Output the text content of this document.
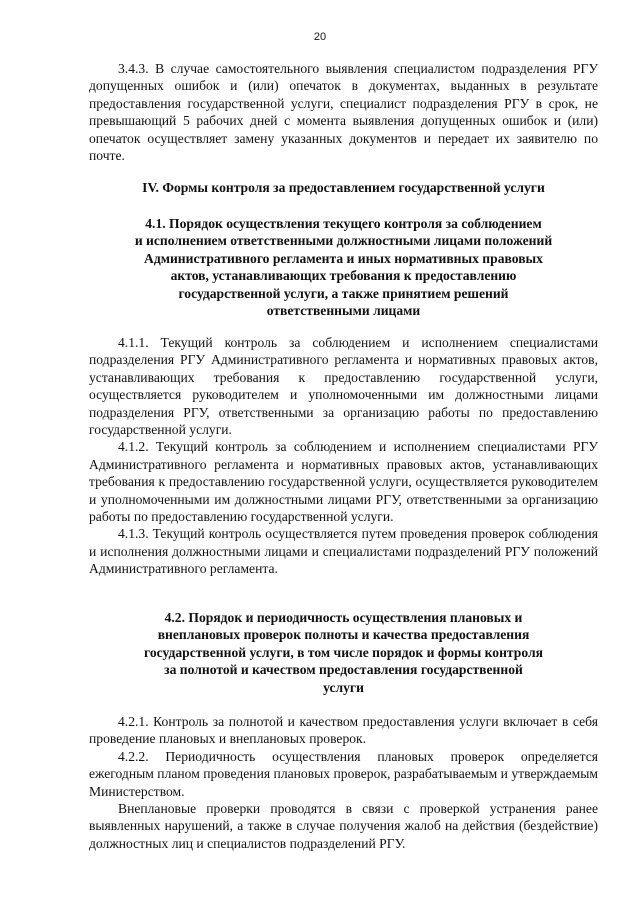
20

3.4.3. В случае самостоятельного выявления специалистом подразделения РГУ допущенных ошибок и (или) опечаток в документах, выданных в результате предоставления государственной услуги, специалист подразделения РГУ в срок, не превышающий 5 рабочих дней с момента выявления допущенных ошибок и (или) опечаток осуществляет замену указанных документов и передает их заявителю по почте.

IV. Формы контроля за предоставлением государственной услуги
4.1. Порядок осуществления текущего контроля за соблюдением
и исполнением ответственными должностными лицами положений
Административного регламента и иных нормативных правовых
актов, устанавливающих требования к предоставлению
государственной услуги, а также принятием решений
ответственными лицами

4.1.1. Текущий контроль за соблюдением и исполнением специалистами подразделения РГУ Административного регламента и нормативных правовых актов, устанавливающих требования к предоставлению государственной услуги, осуществляется руководителем и уполномоченными им должностными лицами подразделения РГУ, ответственными за организацию работы по предоставлению государственной услуги.

4.1.2. Текущий контроль за соблюдением и исполнением специалистами РГУ Административного регламента и нормативных правовых актов, устанавливающих требования к предоставлению государственной услуги, осуществляется руководителем и уполномоченными им должностными лицами РГУ, ответственными за организацию работы по предоставлению государственной услуги.

4.1.3. Текущий контроль осуществляется путем проведения проверок соблюдения и исполнения должностными лицами и специалистами подразделений РГУ положений Административного регламента.

4.2. Порядок и периодичность осуществления плановых и
внеплановых проверок полноты и качества предоставления
государственной услуги, в том числе порядок и формы контроля
за полнотой и качеством предоставления государственной
услуги

4.2.1. Контроль за полнотой и качеством предоставления услуги включает в себя проведение плановых и внеплановых проверок.

4.2.2. Периодичность осуществления плановых проверок определяется ежегодным планом проведения плановых проверок, разрабатываемым и утверждаемым Министерством.

Внеплановые проверки проводятся в связи с проверкой устранения ранее выявленных нарушений, а также в случае получения жалоб на действия (бездействие) должностных лиц и специалистов подразделений РГУ.
